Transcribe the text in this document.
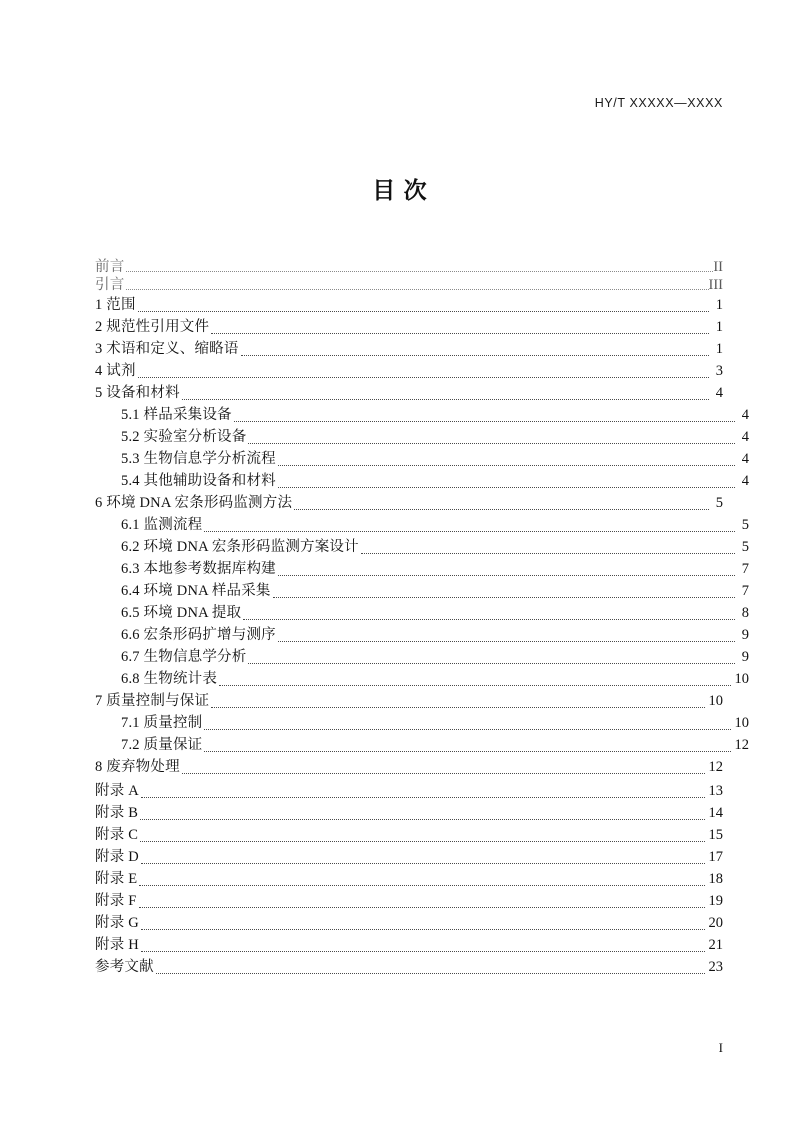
HY/T XXXXX—XXXX
目 次
前言	II
引言	III
1 范围	1
2 规范性引用文件	1
3 术语和定义、缩略语	1
4 试剂	3
5 设备和材料	4
5.1 样品采集设备	4
5.2 实验室分析设备	4
5.3 生物信息学分析流程	4
5.4 其他辅助设备和材料	4
6 环境 DNA 宏条形码监测方法	5
6.1 监测流程	5
6.2 环境 DNA 宏条形码监测方案设计	5
6.3 本地参考数据库构建	7
6.4 环境 DNA 样品采集	7
6.5 环境 DNA 提取	8
6.6 宏条形码扩增与测序	9
6.7 生物信息学分析	9
6.8 生物统计表	10
7 质量控制与保证	10
7.1 质量控制	10
7.2 质量保证	12
8 废弃物处理	12
附录 A	13
附录 B	14
附录 C	15
附录 D	17
附录 E	18
附录 F	19
附录 G	20
附录 H	21
参考文献	23
I
